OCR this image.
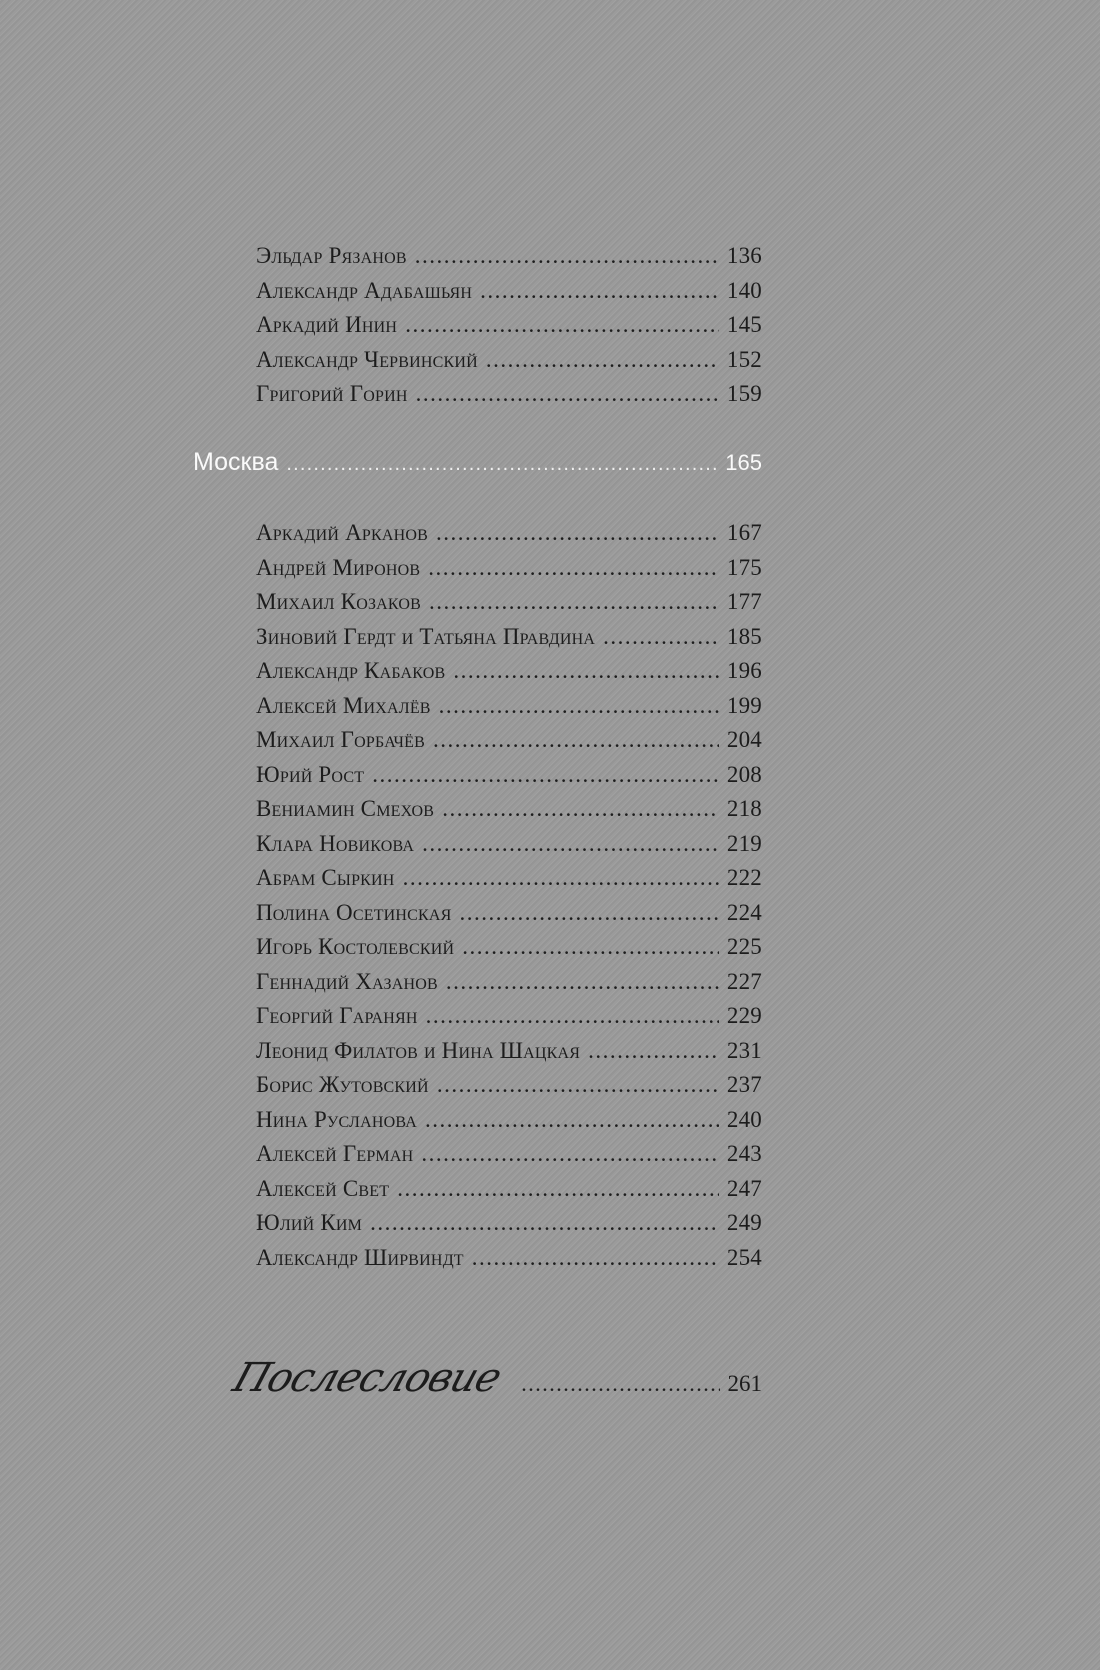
Эльдар Рязанов .....	136
Александр Адабашьян .....	140
Аркадий Инин .....	145
Александр Червинский .....	152
Григорий Горин .....	159
Москва .....	165
Аркадий Арканов .....	167
Андрей Миронов .....	175
Михаил Козаков .....	177
Зиновий Гердт и Татьяна Правдина .....	185
Александр Кабаков .....	196
Алексей Михалёв .....	199
Михаил Горбачёв .....	204
Юрий Рост .....	208
Вениамин Смехов .....	218
Клара Новикова .....	219
Абрам Сыркин .....	222
Полина Осетинская .....	224
Игорь Костолевский .....	225
Геннадий Хазанов .....	227
Георгий Гаранян .....	229
Леонид Филатов и Нина Шацкая .....	231
Борис Жутовский .....	237
Нина Русланова .....	240
Алексей Герман .....	243
Алексей Свет .....	247
Юлий Ким .....	249
Александр Ширвиндт .....	254
Послесловие .....	261
